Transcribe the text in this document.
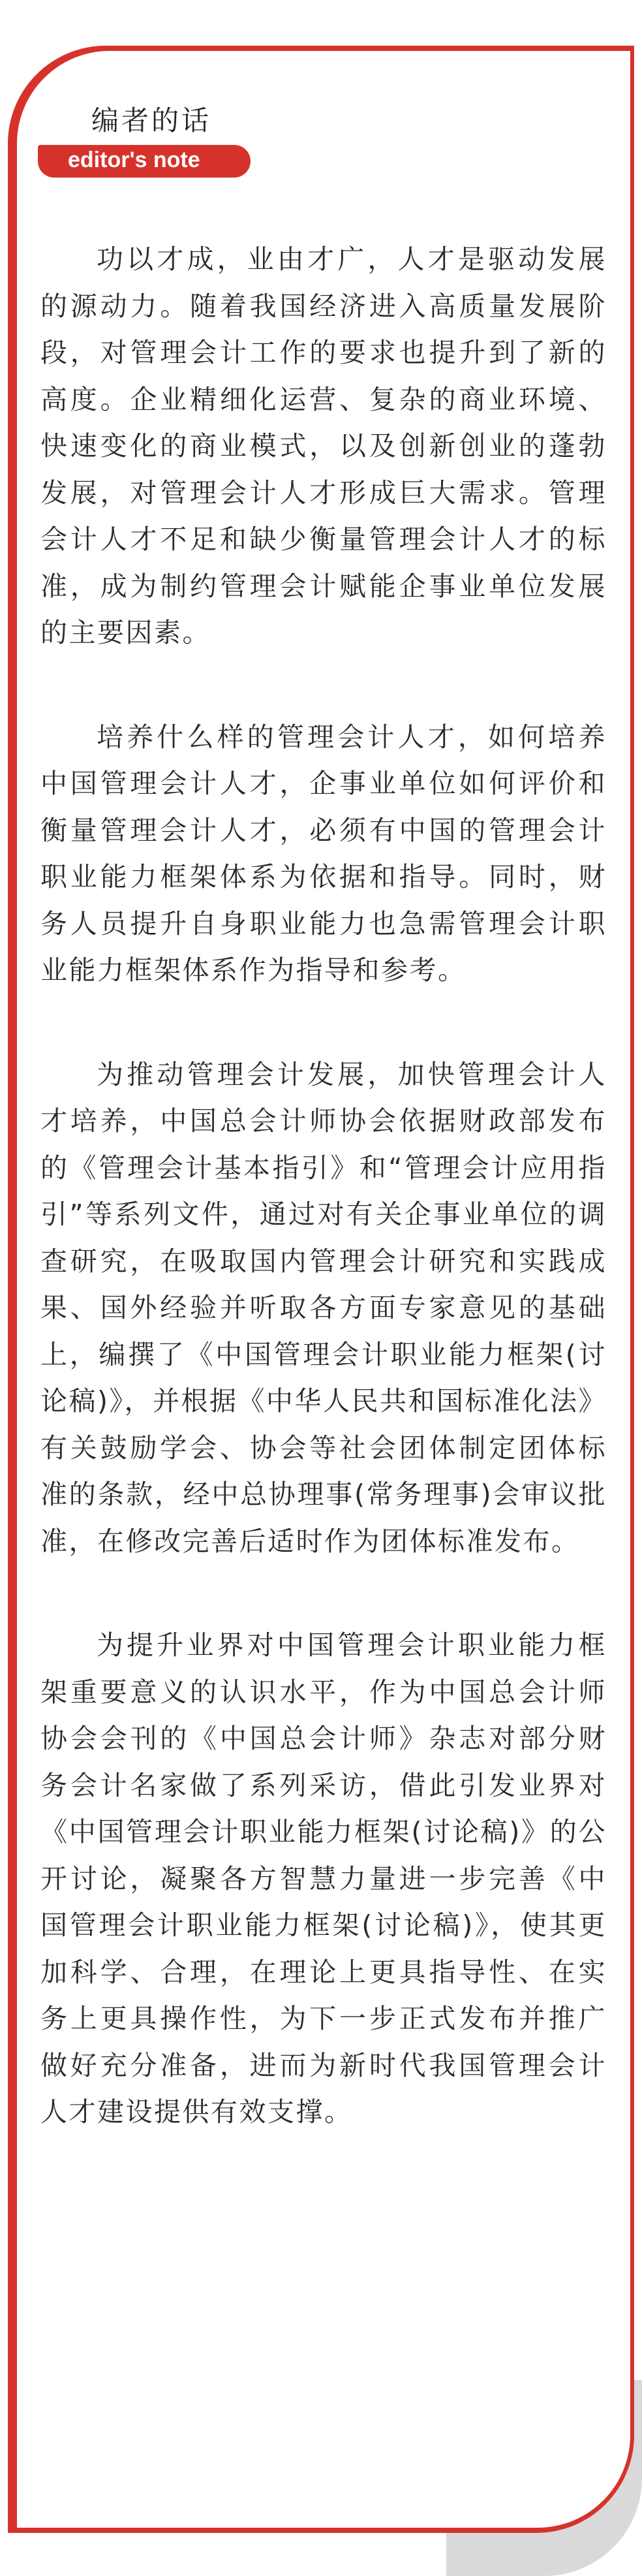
编者的话
editor's note

功以才成，业由才广，人才是驱动发展的源动力。随着我国经济进入高质量发展阶段，对管理会计工作的要求也提升到了新的高度。企业精细化运营、复杂的商业环境、快速变化的商业模式，以及创新创业的蓬勃发展，对管理会计人才形成巨大需求。管理会计人才不足和缺少衡量管理会计人才的标准，成为制约管理会计赋能企事业单位发展的主要因素。

培养什么样的管理会计人才，如何培养中国管理会计人才，企事业单位如何评价和衡量管理会计人才，必须有中国的管理会计职业能力框架体系为依据和指导。同时，财务人员提升自身职业能力也急需管理会计职业能力框架体系作为指导和参考。

为推动管理会计发展，加快管理会计人才培养，中国总会计师协会依据财政部发布的《管理会计基本指引》和“管理会计应用指引”等系列文件，通过对有关企事业单位的调查研究，在吸取国内管理会计研究和实践成果、国外经验并听取各方面专家意见的基础上，编撰了《中国管理会计职业能力框架(讨论稿)》，并根据《中华人民共和国标准化法》有关鼓励学会、协会等社会团体制定团体标准的条款，经中总协理事(常务理事)会审议批准，在修改完善后适时作为团体标准发布。

为提升业界对中国管理会计职业能力框架重要意义的认识水平，作为中国总会计师协会会刊的《中国总会计师》杂志对部分财务会计名家做了系列采访，借此引发业界对《中国管理会计职业能力框架(讨论稿)》的公开讨论，凝聚各方智慧力量进一步完善《中国管理会计职业能力框架(讨论稿)》，使其更加科学、合理，在理论上更具指导性、在实务上更具操作性，为下一步正式发布并推广做好充分准备，进而为新时代我国管理会计人才建设提供有效支撑。
